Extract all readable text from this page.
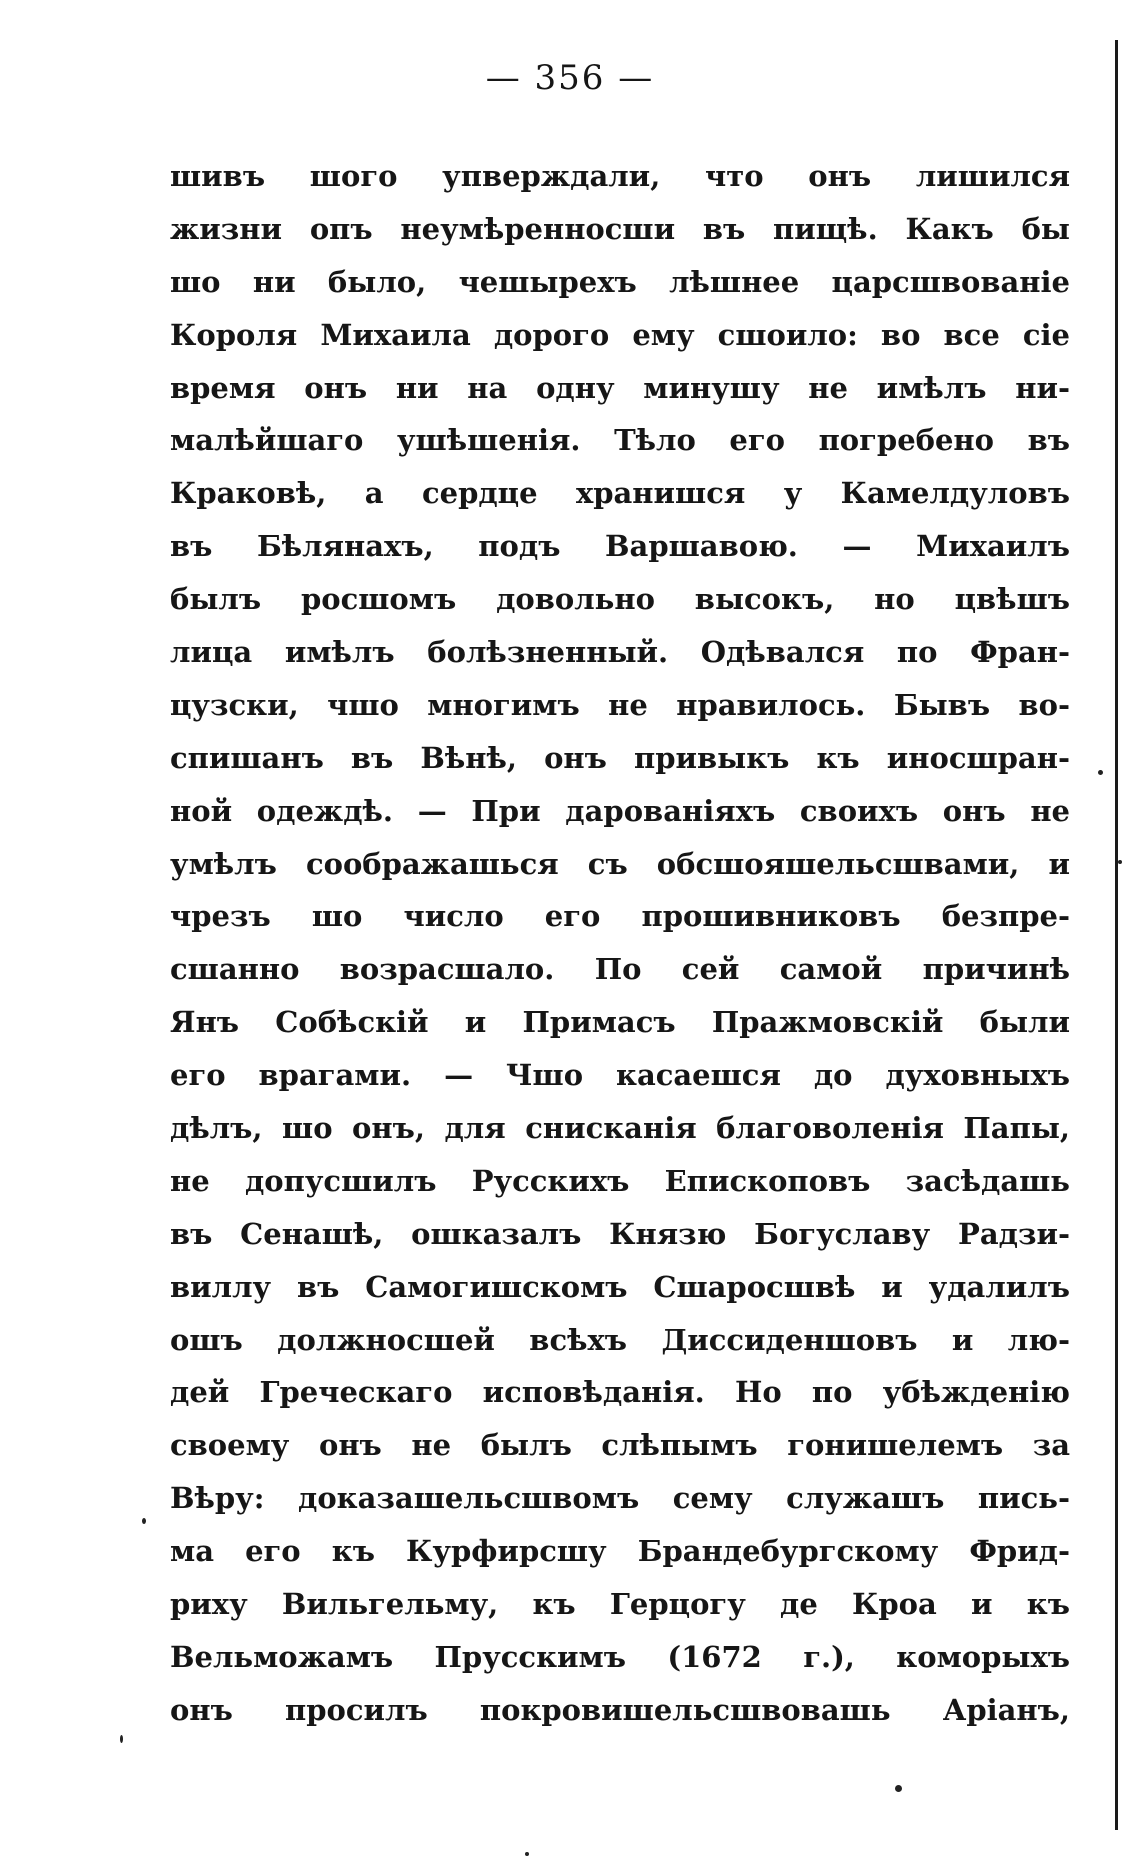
— 356 —

шивъ шого упверждали, что онъ лишился
жизни опъ неумѣренносши въ пищѣ. Какъ бы
шо ни было, чешырехъ лѣшнее царсшвованіе
Короля Михаила дорого ему сшоило: во все сіе
время онъ ни на одну минушу не имѣлъ ни-
малѣйшаго ушѣшенія. Тѣло его погребено въ
Краковѣ, а сердце хранишся у Камелдуловъ
въ Бѣлянахъ, подъ Варшавою. — Михаилъ
былъ росшомъ довольно высокъ, но цвѣшъ
лица имѣлъ болѣзненный. Одѣвался по Фран-
цузски, чшо многимъ не нравилось. Бывъ во-
спишанъ въ Вѣнѣ, онъ привыкъ къ иносшран-
ной одеждѣ. — При дарованіяхъ своихъ онъ не
умѣлъ соображашься съ обсшояшельсшвами, и
чрезъ шо число его прошивниковъ безпре-
сшанно возрасшало. По сей самой причинѣ
Янъ Собѣскій и Примасъ Пражмовскій были
его врагами. — Чшо касаешся до духовныхъ
дѣлъ, шо онъ, для снисканія благоволенія Папы,
не допусшилъ Русскихъ Епископовъ засѣдашь
въ Сенашѣ, ошказалъ Князю Богуславу Радзи-
виллу въ Самогишскомъ Сшаросшвѣ и удалилъ
ошъ должносшей всѣхъ Диссиденшовъ и лю-
дей Греческаго исповѣданія. Но по убѣжденію
своему онъ не былъ слѣпымъ гонишелемъ за
Вѣру: доказашельсшвомъ сему служашъ пись-
ма его къ Курфирсшу Брандебургскому Фрид-
риху Вильгельму, къ Герцогу де Кроа и къ
Вельможамъ Прусскимъ (1672 г.), коморыхъ
онъ просилъ покровишельсшвовашь Аріанъ,
